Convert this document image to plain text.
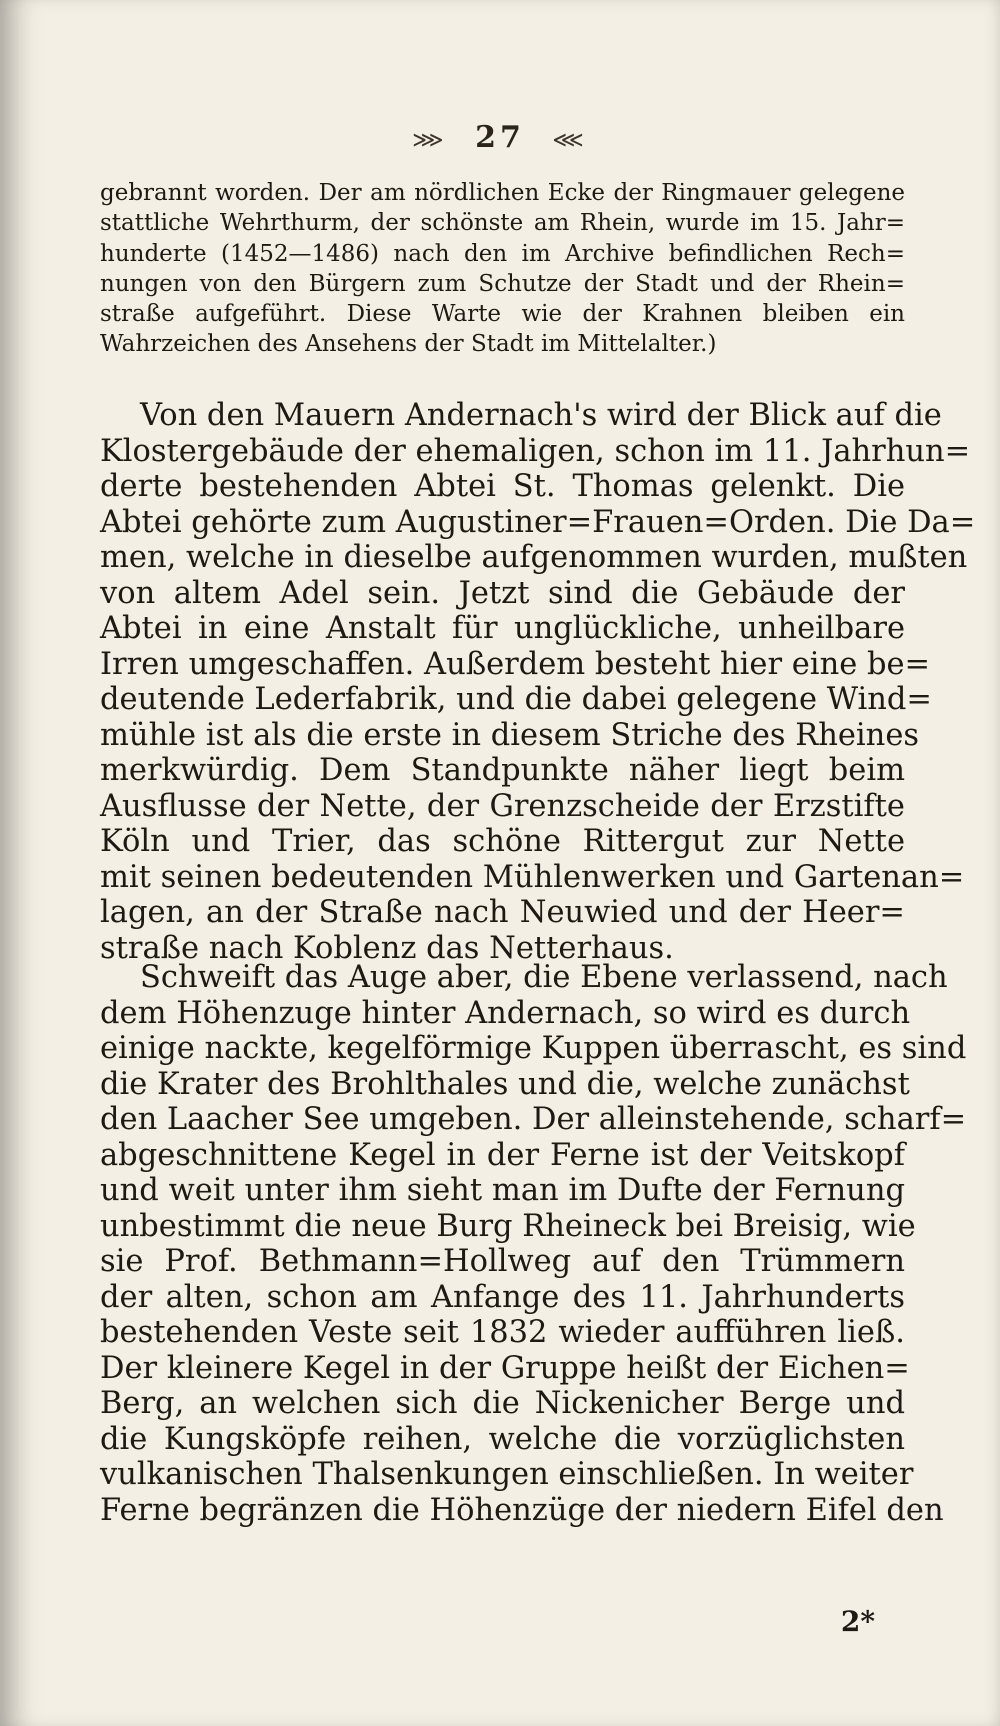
⋙ 27 ⋘
gebrannt worden. Der am nördlichen Ecke der Ringmauer gelegene
stattliche Wehrthurm, der schönste am Rhein, wurde im 15. Jahr=
hunderte (1452—1486) nach den im Archive befindlichen Rech=
nungen von den Bürgern zum Schutze der Stadt und der Rhein=
straße aufgeführt. Diese Warte wie der Krahnen bleiben ein
Wahrzeichen des Ansehens der Stadt im Mittelalter.)
Von den Mauern Andernach's wird der Blick auf die
Klostergebäude der ehemaligen, schon im 11. Jahrhun=
derte bestehenden Abtei St. Thomas gelenkt. Die
Abtei gehörte zum Augustiner=Frauen=Orden. Die Da=
men, welche in dieselbe aufgenommen wurden, mußten
von altem Adel sein. Jetzt sind die Gebäude der
Abtei in eine Anstalt für unglückliche, unheilbare
Irren umgeschaffen. Außerdem besteht hier eine be=
deutende Lederfabrik, und die dabei gelegene Wind=
mühle ist als die erste in diesem Striche des Rheines
merkwürdig. Dem Standpunkte näher liegt beim
Ausflusse der Nette, der Grenzscheide der Erzstifte
Köln und Trier, das schöne Rittergut zur Nette
mit seinen bedeutenden Mühlenwerken und Gartenan=
lagen, an der Straße nach Neuwied und der Heer=
straße nach Koblenz das Netterhaus.
Schweift das Auge aber, die Ebene verlassend, nach
dem Höhenzuge hinter Andernach, so wird es durch
einige nackte, kegelförmige Kuppen überrascht, es sind
die Krater des Brohlthales und die, welche zunächst
den Laacher See umgeben. Der alleinstehende, scharf=
abgeschnittene Kegel in der Ferne ist der Veitskopf
und weit unter ihm sieht man im Dufte der Fernung
unbestimmt die neue Burg Rheineck bei Breisig, wie
sie Prof. Bethmann=Hollweg auf den Trümmern
der alten, schon am Anfange des 11. Jahrhunderts
bestehenden Veste seit 1832 wieder aufführen ließ.
Der kleinere Kegel in der Gruppe heißt der Eichen=
Berg, an welchen sich die Nickenicher Berge und
die Kungsköpfe reihen, welche die vorzüglichsten
vulkanischen Thalsenkungen einschließen. In weiter
Ferne begränzen die Höhenzüge der niedern Eifel den
2*
